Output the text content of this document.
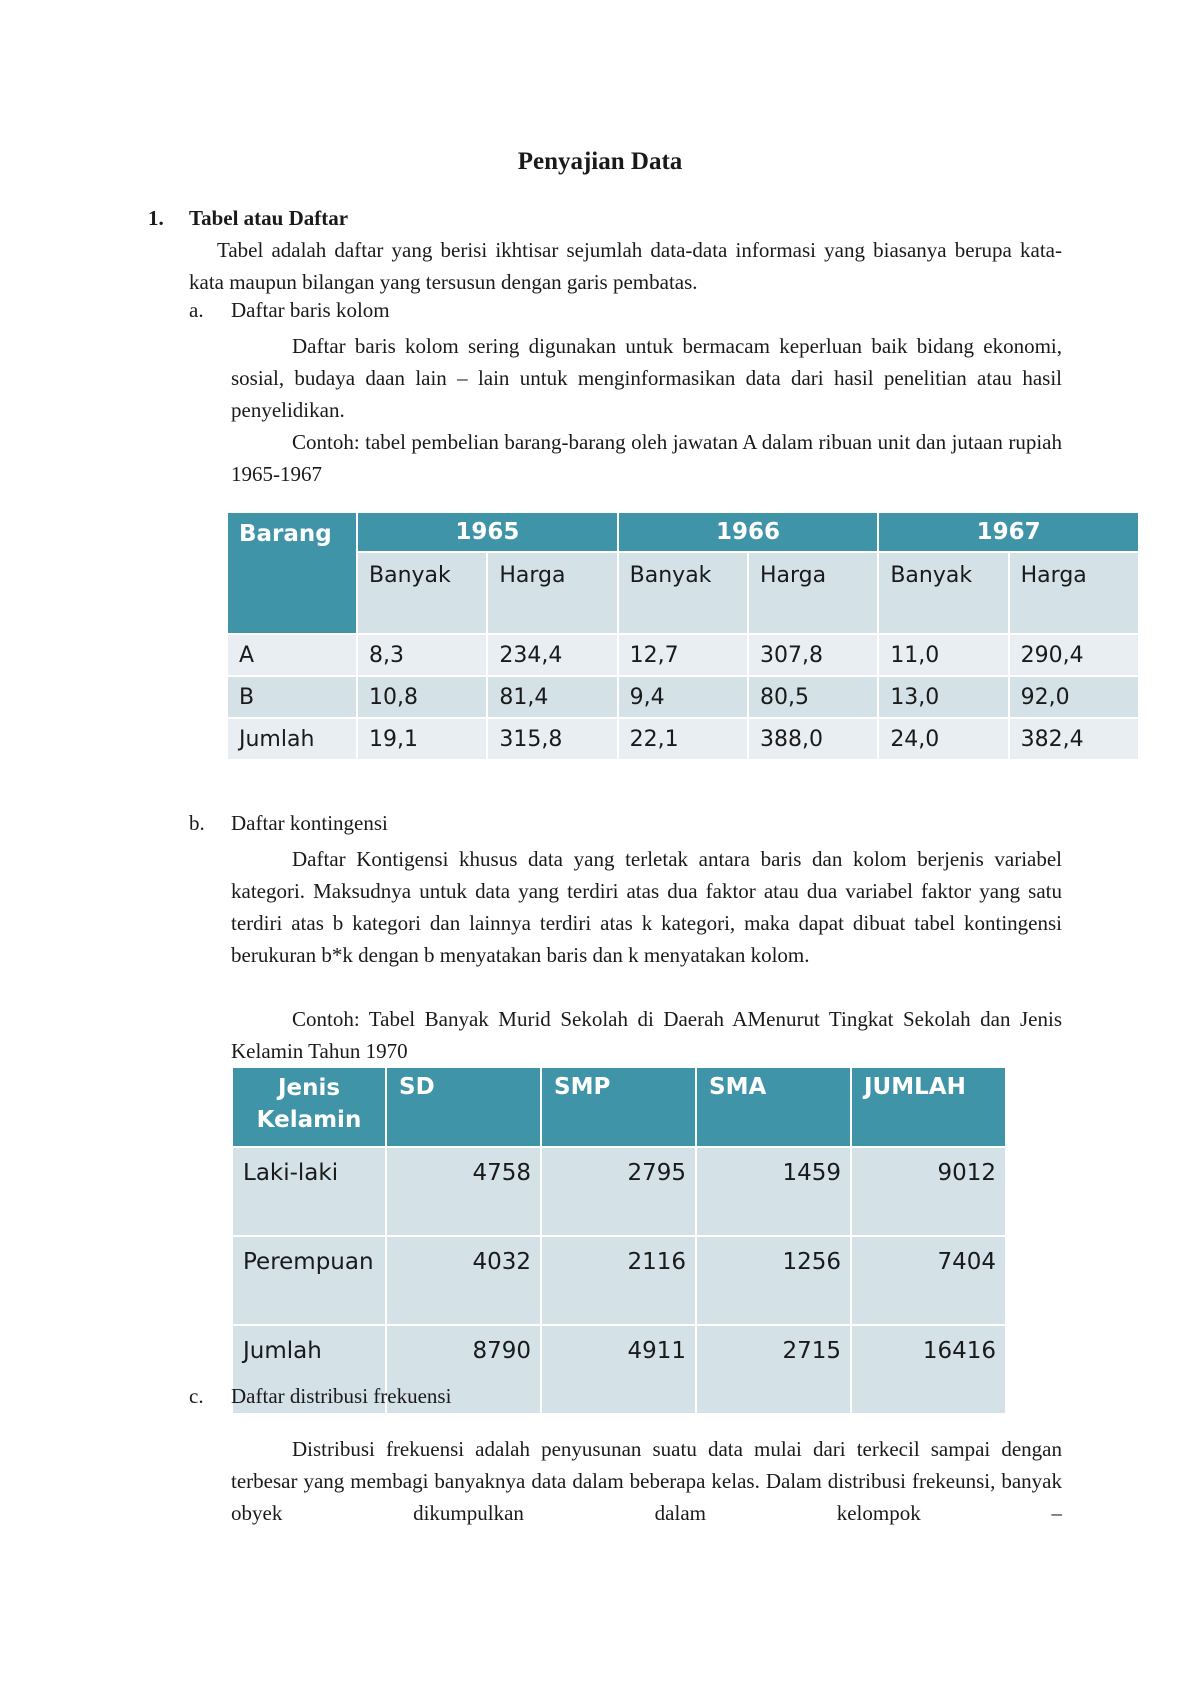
Penyajian Data
1. Tabel atau Daftar
Tabel adalah daftar yang berisi ikhtisar sejumlah data-data informasi yang biasanya berupa kata-kata maupun bilangan yang tersusun dengan garis pembatas.
a. Daftar baris kolom
Daftar baris kolom sering digunakan untuk bermacam keperluan baik bidang ekonomi, sosial, budaya daan lain – lain untuk menginformasikan data dari hasil penelitian atau hasil penyelidikan.
Contoh: tabel pembelian barang-barang oleh jawatan A dalam ribuan unit dan jutaan rupiah 1965-1967
Barang	1965		1966		1967	
	Banyak	Harga	Banyak	Harga	Banyak	Harga
A	8,3	234,4	12,7	307,8	11,0	290,4
B	10,8	81,4	9,4	80,5	13,0	92,0
Jumlah	19,1	315,8	22,1	388,0	24,0	382,4
b. Daftar kontingensi
Daftar Kontigensi khusus data yang terletak antara baris dan kolom berjenis variabel kategori. Maksudnya untuk data yang terdiri atas dua faktor atau dua variabel faktor yang satu terdiri atas b kategori dan lainnya terdiri atas k kategori, maka dapat dibuat tabel kontingensi berukuran b*k dengan b menyatakan baris dan k menyatakan kolom.
Contoh: Tabel Banyak Murid Sekolah di Daerah AMenurut Tingkat Sekolah dan Jenis Kelamin Tahun 1970
Jenis Kelamin	SD	SMP	SMA	JUMLAH
Laki-laki	4758	2795	1459	9012
Perempuan	4032	2116	1256	7404
Jumlah	8790	4911	2715	16416
c. Daftar distribusi frekuensi
Distribusi frekuensi adalah penyusunan suatu data mulai dari terkecil sampai dengan terbesar yang membagi banyaknya data dalam beberapa kelas. Dalam distribusi frekeunsi, banyak obyek dikumpulkan dalam kelompok –
